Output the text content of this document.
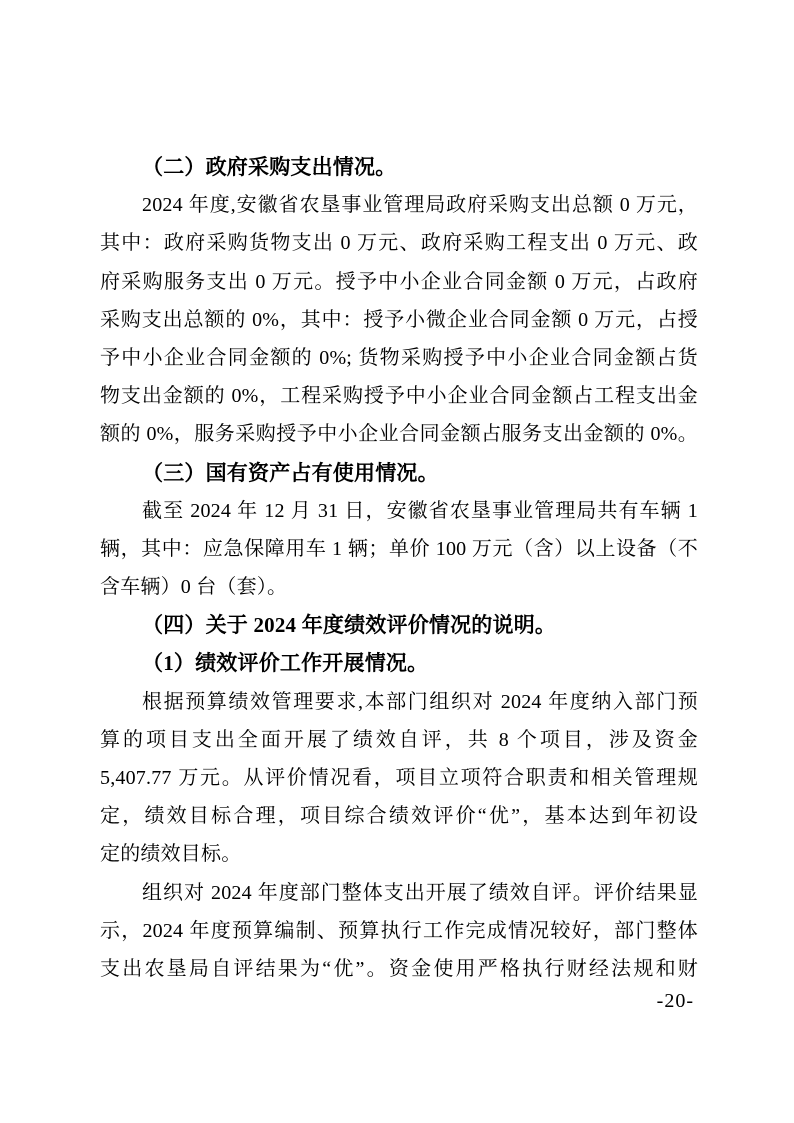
（二）政府采购支出情况。
2024 年度,安徽省农垦事业管理局政府采购支出总额 0 万元，
其中：政府采购货物支出 0 万元、政府采购工程支出 0 万元、政
府采购服务支出 0 万元。授予中小企业合同金额 0 万元，占政府
采购支出总额的 0%，其中：授予小微企业合同金额 0 万元，占授
予中小企业合同金额的 0%; 货物采购授予中小企业合同金额占货
物支出金额的 0%，工程采购授予中小企业合同金额占工程支出金
额的 0%，服务采购授予中小企业合同金额占服务支出金额的 0%。
（三）国有资产占有使用情况。
截至 2024 年 12 月 31 日，安徽省农垦事业管理局共有车辆 1
辆，其中：应急保障用车 1 辆；单价 100 万元（含）以上设备（不
含车辆）0 台（套）。
（四）关于 2024 年度绩效评价情况的说明。
（1）绩效评价工作开展情况。
根据预算绩效管理要求,本部门组织对 2024 年度纳入部门预
算的项目支出全面开展了绩效自评，共 8 个项目，涉及资金
5,407.77 万元。从评价情况看，项目立项符合职责和相关管理规
定，绩效目标合理，项目综合绩效评价“优”，基本达到年初设
定的绩效目标。
组织对 2024 年度部门整体支出开展了绩效自评。评价结果显
示，2024 年度预算编制、预算执行工作完成情况较好，部门整体
支出农垦局自评结果为“优”。资金使用严格执行财经法规和财
-20-
